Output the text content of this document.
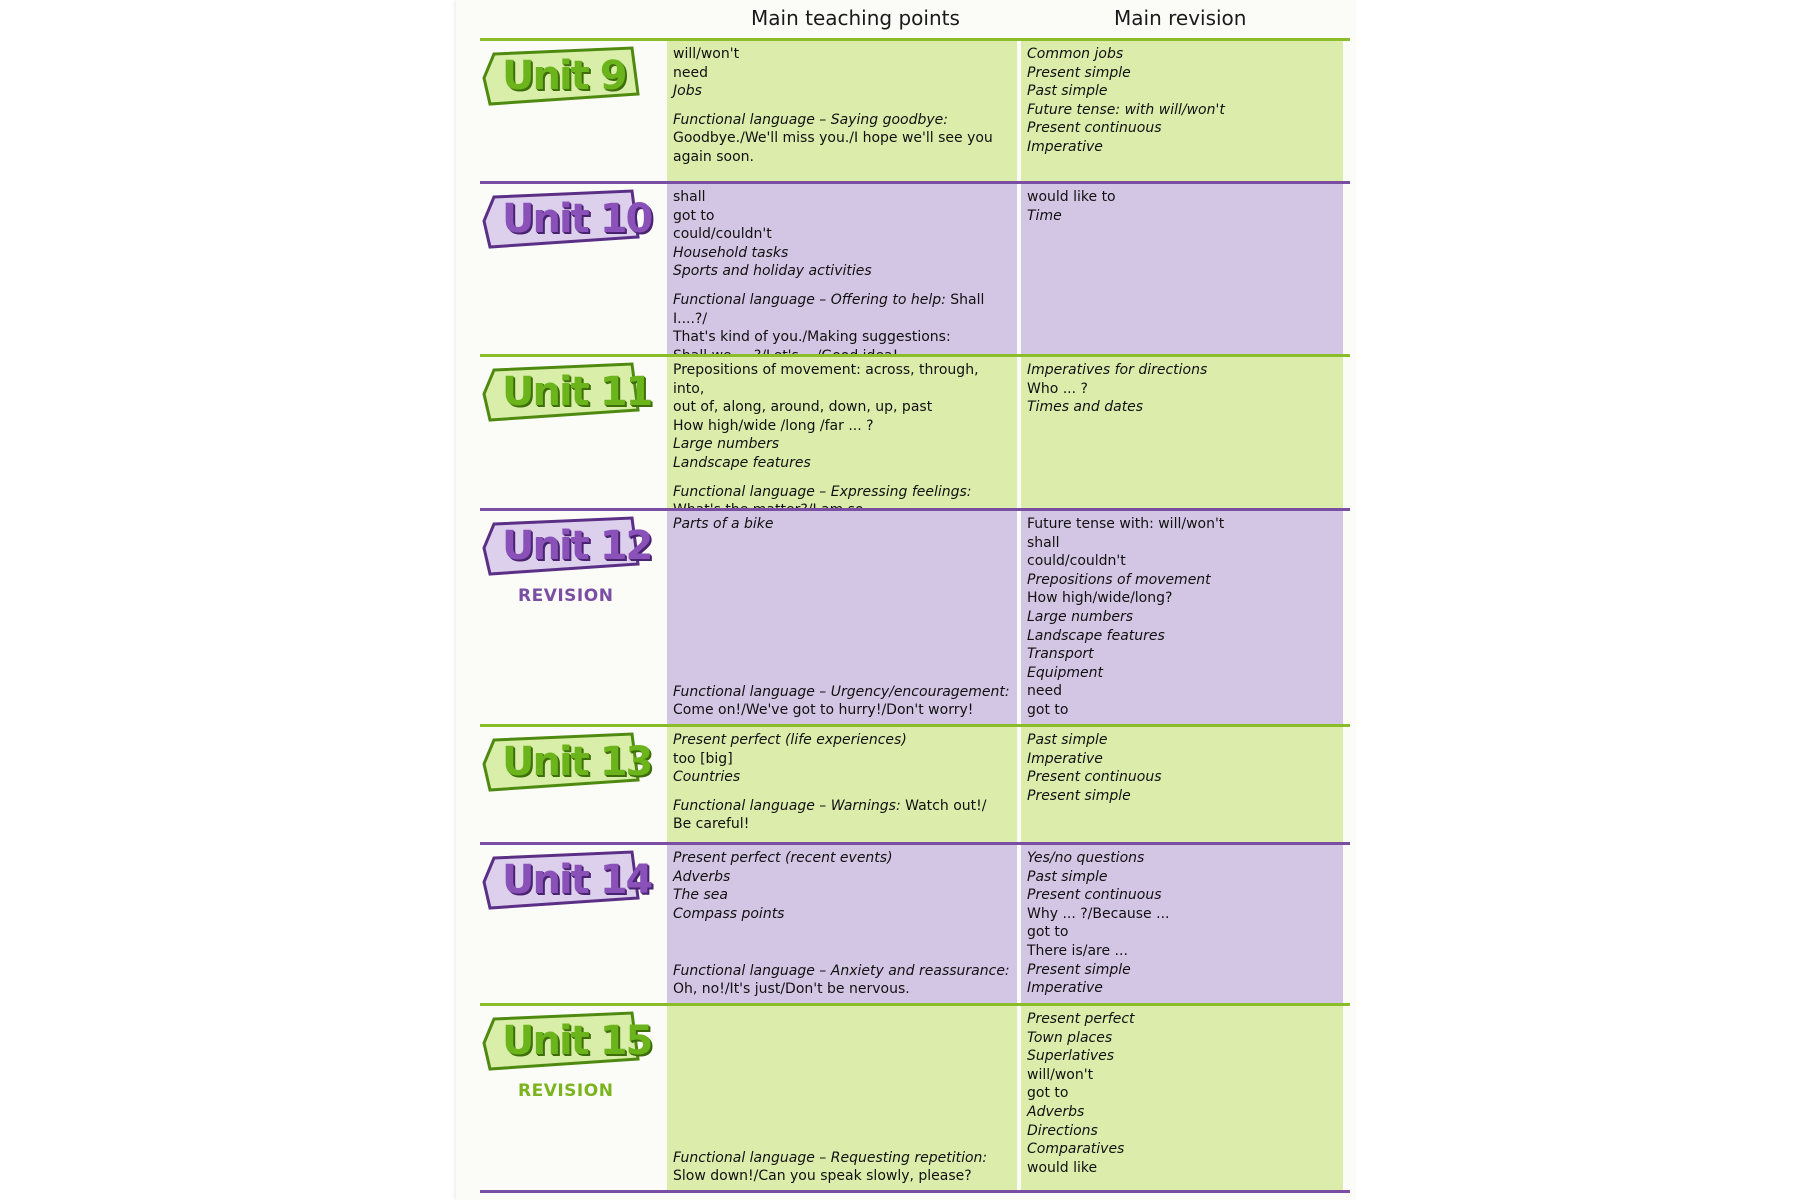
Main teaching points	Main revision
Unit 9	will/won't
need
Jobs
Functional language – Saying goodbye:
Goodbye./We'll miss you./I hope we'll see you
again soon.
Common jobs
Present simple
Past simple
Future tense: with will/won't
Present continuous
Imperative
Unit 10 shall
got to
could/couldn't
Household tasks
Sports and holiday activities
Functional language – Offering to help: Shall I....?/
That's kind of you./Making suggestions:
would like to
Time
Unit 11 Prepositions of movement: across, through, into,
out of, along, around, down, up, past
How high/wide /long /far ... ?
Large numbers
Landscape features
Functional language – Expressing feelings:
Imperatives for directions
Who ... ?
Times and dates
Unit 12
REVISION
Parts of a bike
Functional language – Urgency/encouragement:
Come on!/We've got to hurry!/Don't worry!
Future tense with: will/won't
shall
could/couldn't
Prepositions of movement
How high/wide/long?
Large numbers
Landscape features
Transport
Equipment
need
got to
Unit 13 Present perfect (life experiences)
too [big]
Countries
Functional language – Warnings: Watch out!/
Be careful!
Past simple
Imperative
Present continuous
Present simple
Unit 14 Present perfect (recent events)
Adverbs
The sea
Compass points
Functional language – Anxiety and reassurance:
Oh, no!/It's just/Don't be nervous.
Yes/no questions
Past simple
Present continuous
Why ... ?/Because ...
got to
There is/are ...
Present simple
Imperative
Unit 15
REVISION
Functional language – Requesting repetition:
Slow down!/Can you speak slowly, please?
Present perfect
Town places
Superlatives
will/won't
got to
Adverbs
Directions
Comparatives
would like
